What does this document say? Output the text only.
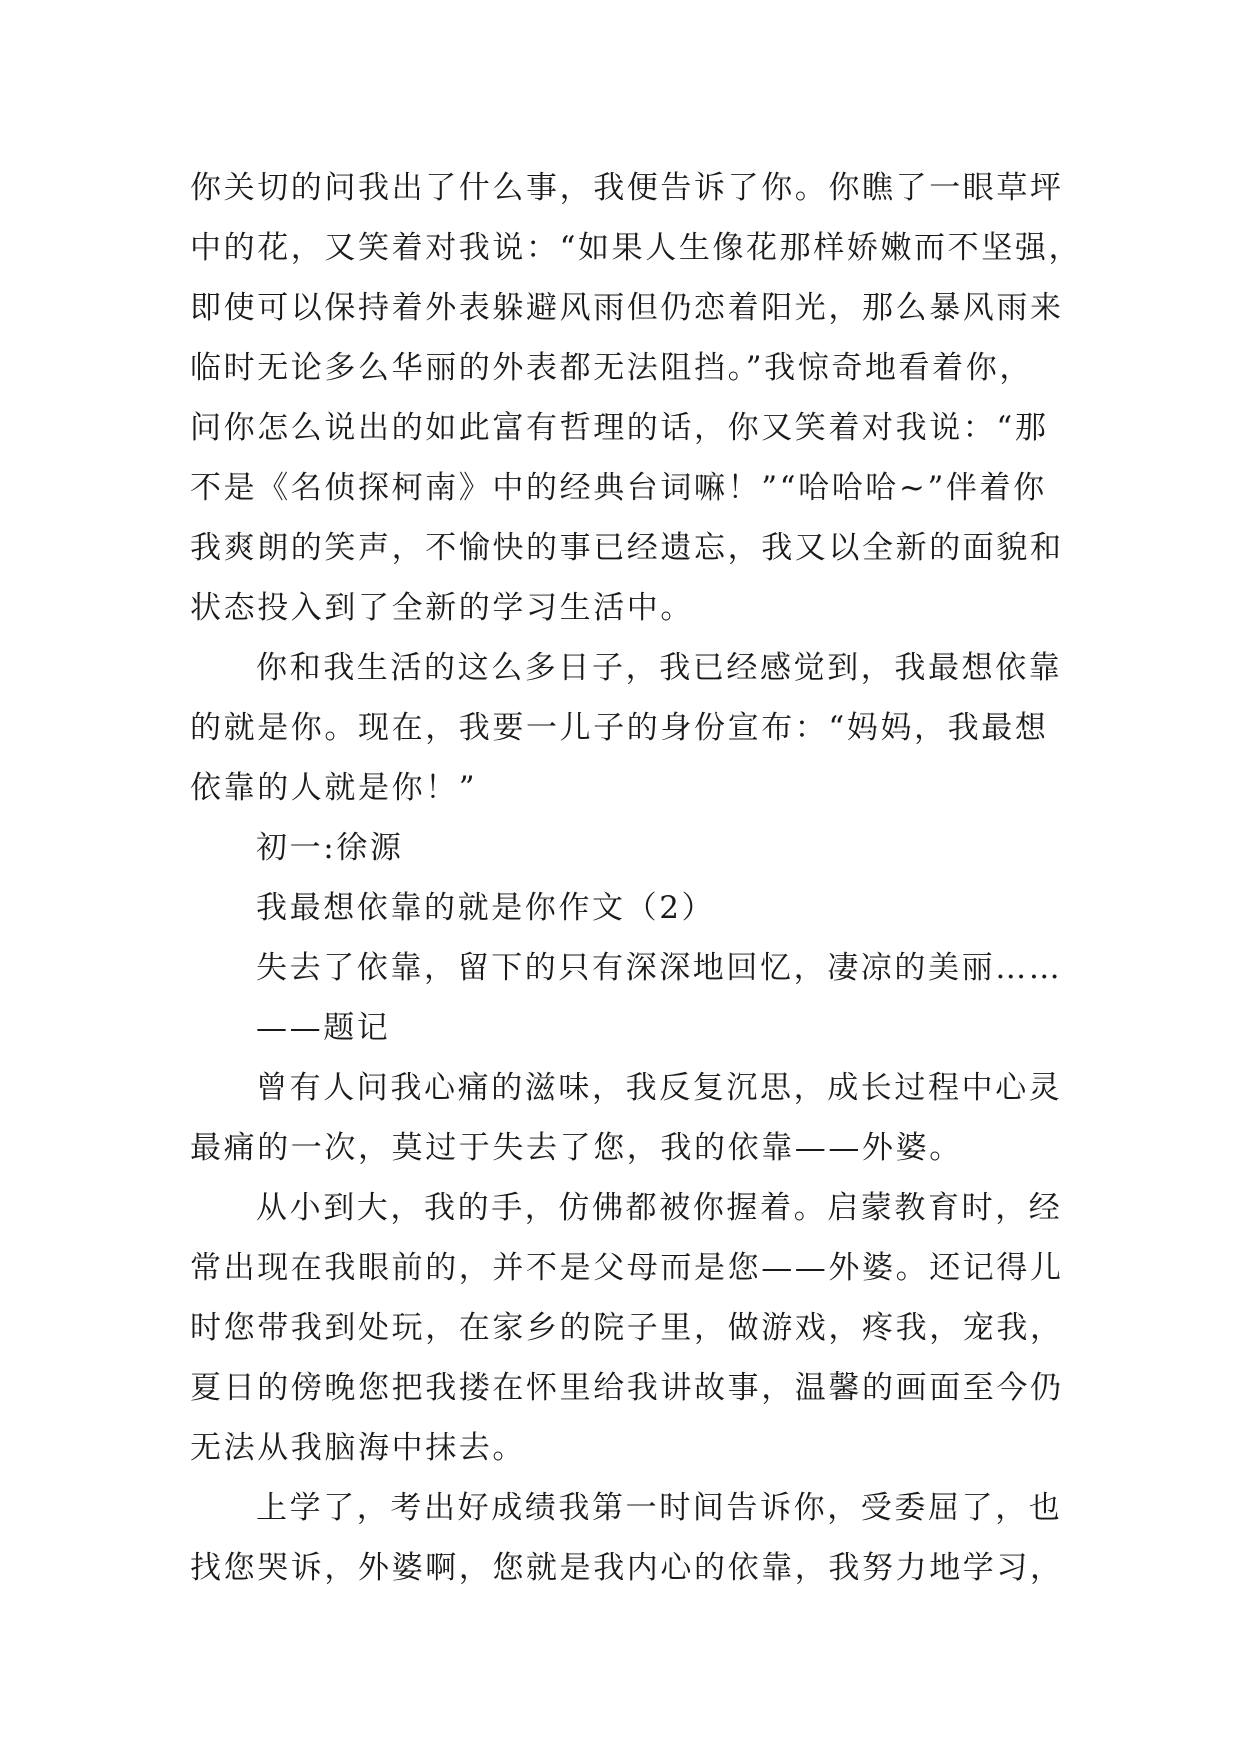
你关切的问我出了什么事，我便告诉了你。你瞧了一眼草坪
中的花，又笑着对我说：“如果人生像花那样娇嫩而不坚强，
即使可以保持着外表躲避风雨但仍恋着阳光，那么暴风雨来
临时无论多么华丽的外表都无法阻挡。”我惊奇地看着你，
问你怎么说出的如此富有哲理的话，你又笑着对我说：“那
不是《名侦探柯南》中的经典台词嘛！”“哈哈哈~”伴着你
我爽朗的笑声，不愉快的事已经遗忘，我又以全新的面貌和
状态投入到了全新的学习生活中。
你和我生活的这么多日子，我已经感觉到，我最想依靠
的就是你。现在，我要一儿子的身份宣布：“妈妈，我最想
依靠的人就是你！”
初一:徐源
我最想依靠的就是你作文（2）
失去了依靠，留下的只有深深地回忆，凄凉的美丽……
——题记
曾有人问我心痛的滋味，我反复沉思，成长过程中心灵
最痛的一次，莫过于失去了您，我的依靠——外婆。
从小到大，我的手，仿佛都被你握着。启蒙教育时，经
常出现在我眼前的，并不是父母而是您——外婆。还记得儿
时您带我到处玩，在家乡的院子里，做游戏，疼我，宠我，
夏日的傍晚您把我搂在怀里给我讲故事，温馨的画面至今仍
无法从我脑海中抹去。
上学了，考出好成绩我第一时间告诉你，受委屈了，也
找您哭诉，外婆啊，您就是我内心的依靠，我努力地学习，
